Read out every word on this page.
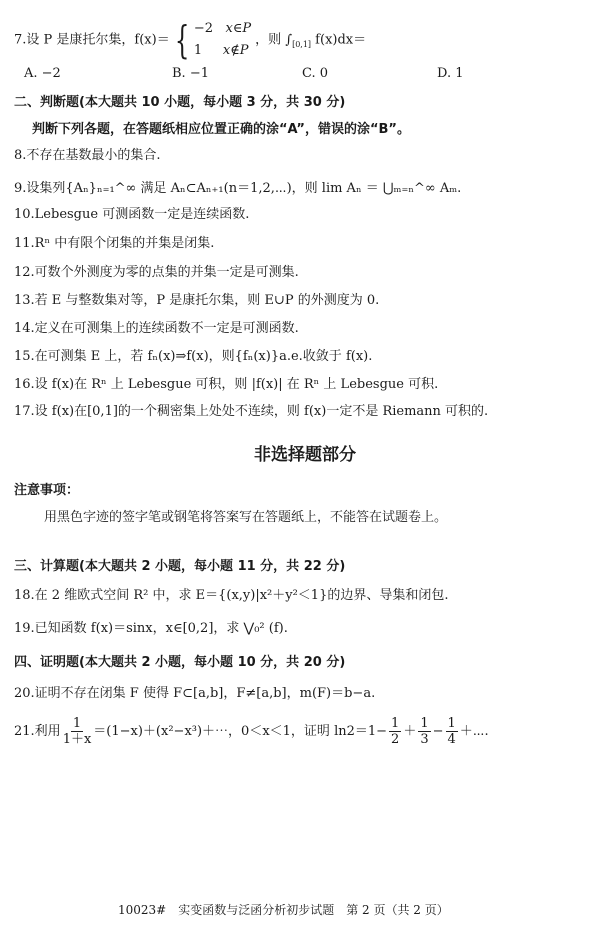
7.设 P 是康托尔集，f(x)＝ { −2 x∈P
1 x∉P，则 $\int_{[0,1]}$ f(x)dx＝
A. −2	B. −1	C. 0	D. 1
二、判断题(本大题共 10 小题，每小题 3 分，共 30 分)
判断下列各题，在答题纸相应位置正确的涂“A”，错误的涂“B”。
8.不存在基数最小的集合.
9.设集列{Aₙ}ₙ₌₁^∞ 满足 Aₙ⊂Aₙ₊₁(n＝1,2,⋯)，则 lim Aₙ ＝ ⋃ₘ₌ₙ^∞ Aₘ.
10.Lebesgue 可测函数一定是连续函数.
11.Rⁿ 中有限个闭集的并集是闭集.
12.可数个外测度为零的点集的并集一定是可测集.
13.若 E 与整数集对等，P 是康托尔集，则 E∪P 的外测度为 0.
14.定义在可测集上的连续函数不一定是可测函数.
15.在可测集 E 上，若 fₙ(x)⇒f(x)，则{fₙ(x)}a.e.收敛于 f(x).
16.设 f(x)在 Rⁿ 上 Lebesgue 可积，则 |f(x)| 在 Rⁿ 上 Lebesgue 可积.
17.设 f(x)在[0,1]的一个稠密集上处处不连续，则 f(x)一定不是 Riemann 可积的.
非选择题部分
注意事项：
用黑色字迹的签字笔或钢笔将答案写在答题纸上，不能答在试题卷上。
三、计算题(本大题共 2 小题，每小题 11 分，共 22 分)
18.在 2 维欧式空间 R² 中，求 E＝{(x,y)|x²＋y²＜1}的边界、导集和闭包.
19.已知函数 f(x)＝sinx，x∈[0,2]，求 ⋁₀² (f).
四、证明题(本大题共 2 小题，每小题 10 分，共 20 分)
20.证明不存在闭集 F 使得 F⊂[a,b]，F≠[a,b]，m(F)＝b−a.
21.利用 $\frac{1}{1+x}$ ＝(1−x)＋(x²−x³)＋⋯，0＜x＜1，证明 $\ln 2=1- \frac{1}{2} + \frac{1}{3} - \frac{1}{4}$ ＋⋯.
10023#　实变函数与泛函分析初步试题　第 2 页（共 2 页）
